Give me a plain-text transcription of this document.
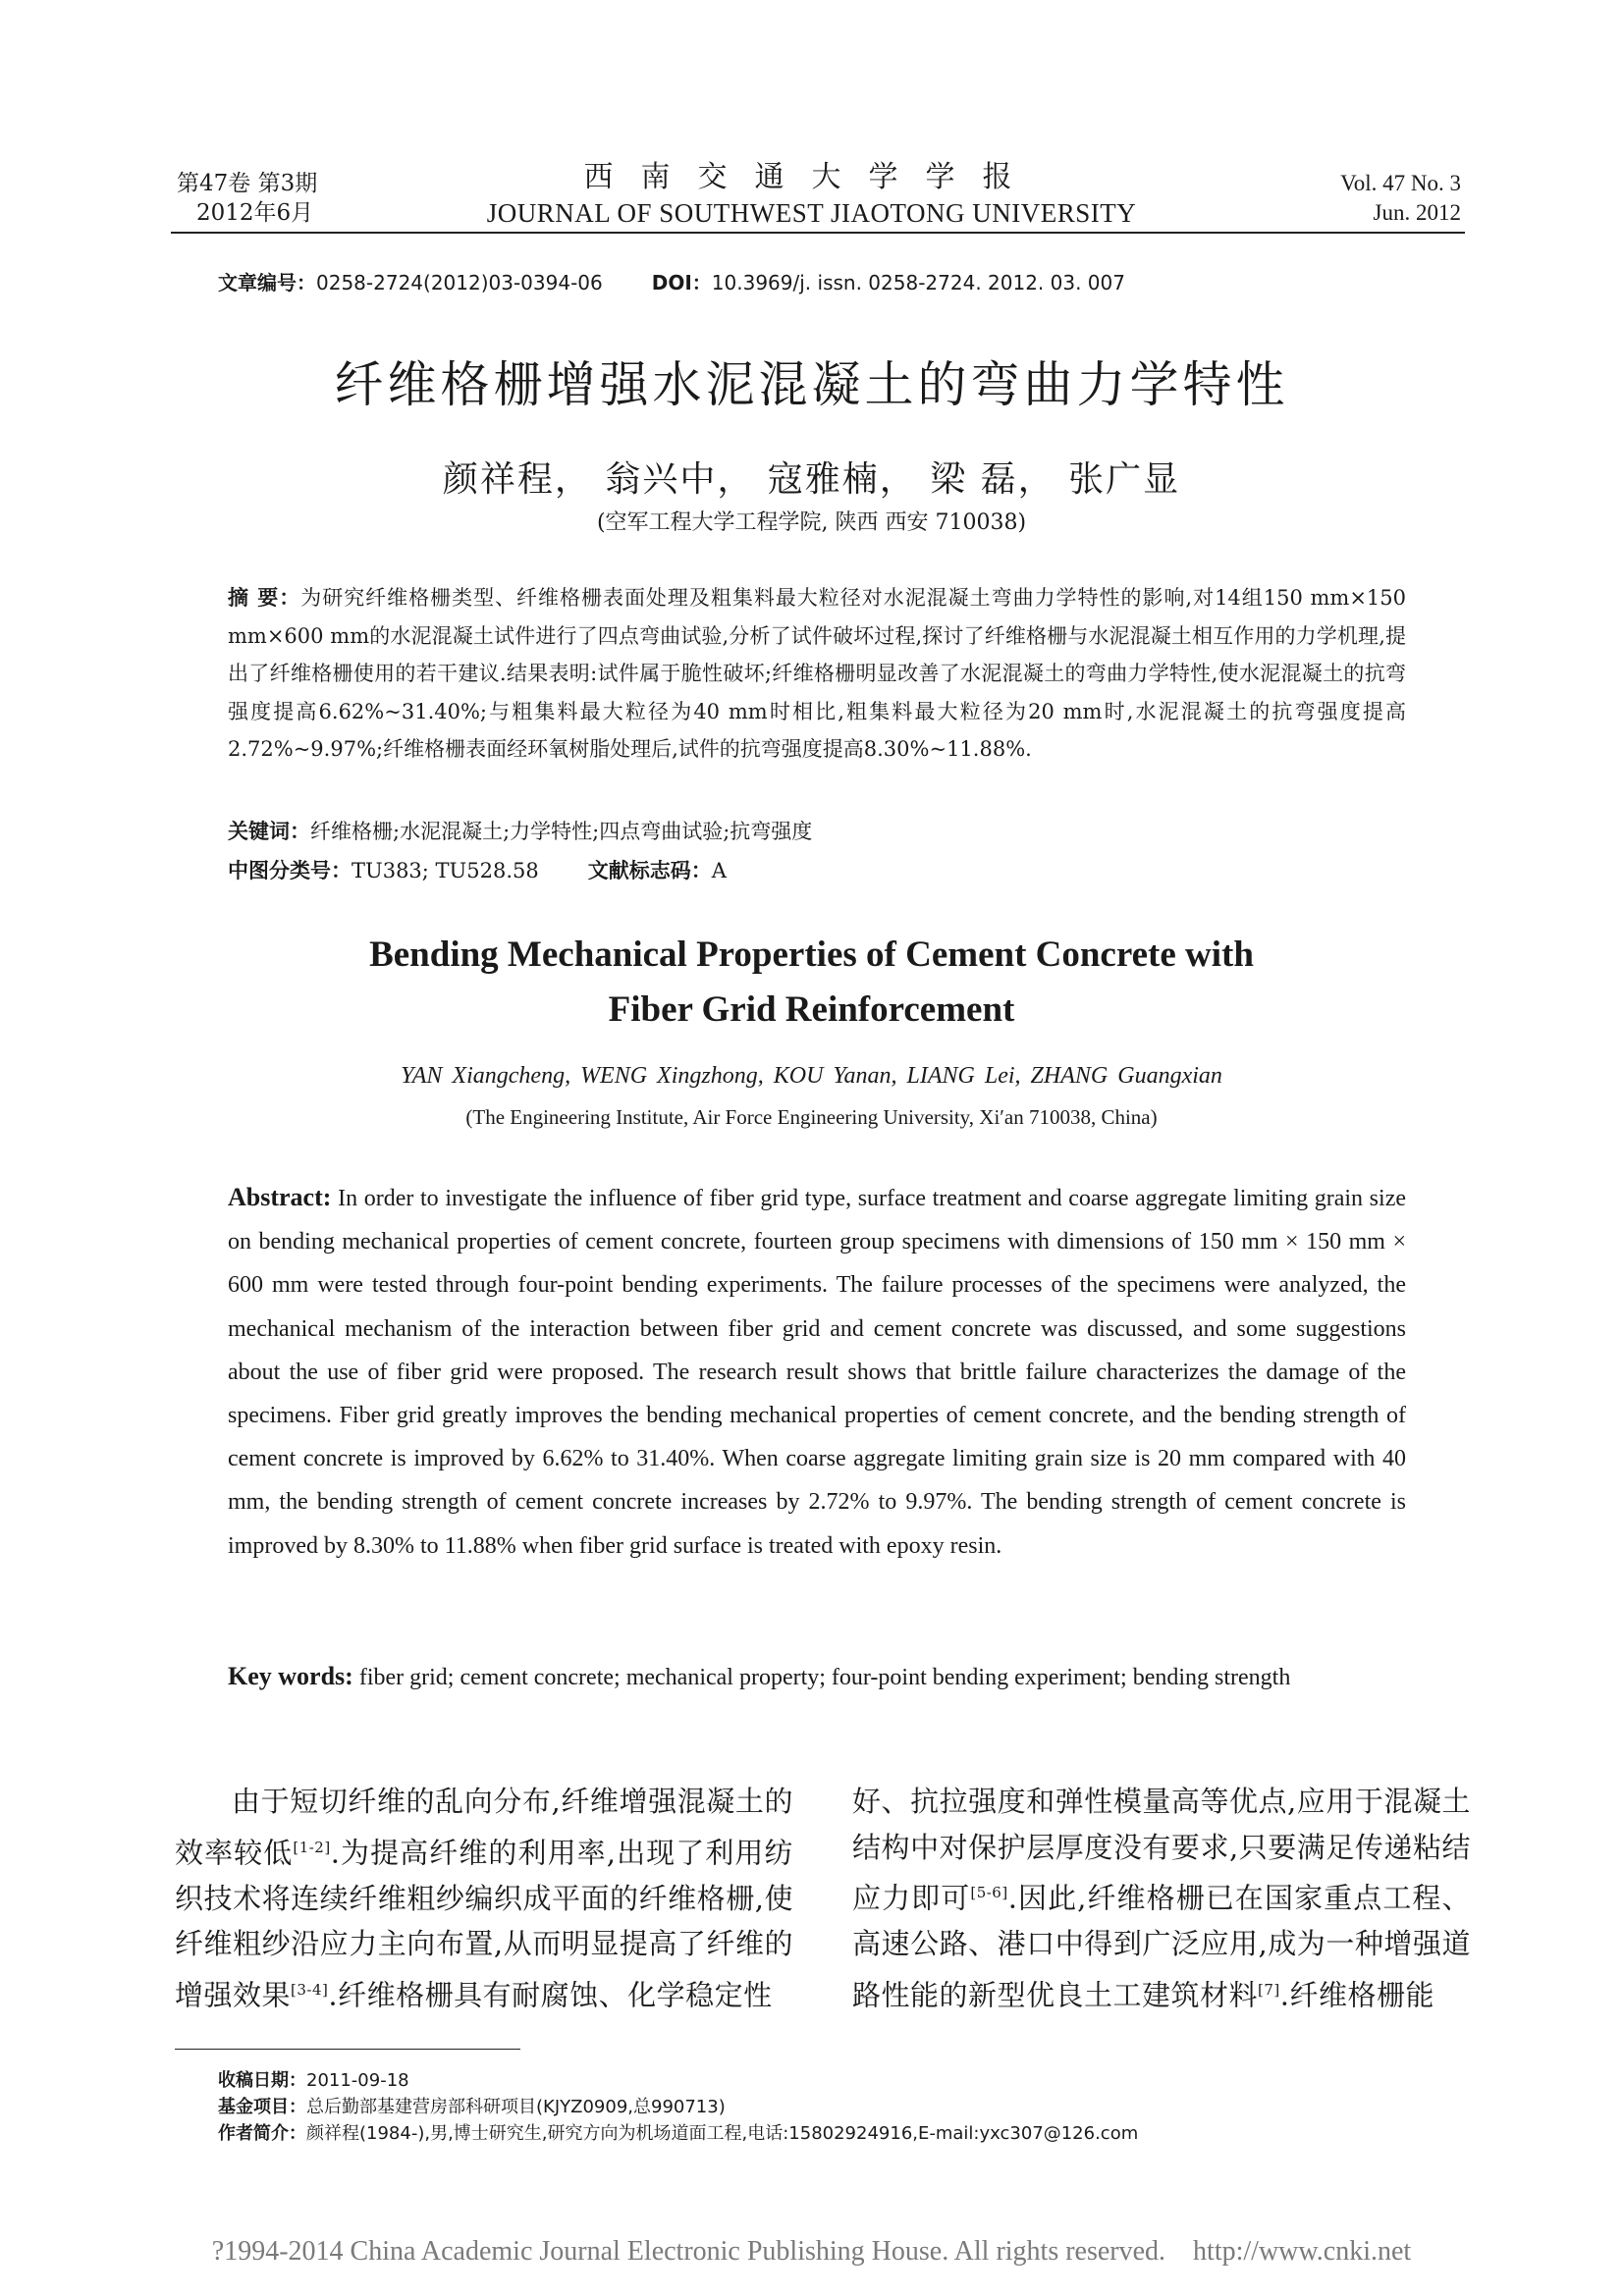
第47卷 第3期
2012年6月
西南交通大学学报
JOURNAL OF SOUTHWEST JIAOTONG UNIVERSITY
Vol. 47 No. 3
Jun. 2012
文章编号：0258-2724(2012)03-0394-06	DOI：10.3969/j. issn. 0258-2724. 2012. 03. 007
纤维格栅增强水泥混凝土的弯曲力学特性
颜祥程， 翁兴中， 寇雅楠， 梁 磊， 张广显
(空军工程大学工程学院, 陕西 西安 710038)
摘 要：为研究纤维格栅类型、纤维格栅表面处理及粗集料最大粒径对水泥混凝土弯曲力学特性的影响,对14组150 mm×150 mm×600 mm的水泥混凝土试件进行了四点弯曲试验,分析了试件破坏过程,探讨了纤维格栅与水泥混凝土相互作用的力学机理,提出了纤维格栅使用的若干建议.结果表明:试件属于脆性破坏;纤维格栅明显改善了水泥混凝土的弯曲力学特性,使水泥混凝土的抗弯强度提高6.62%~31.40%;与粗集料最大粒径为40 mm时相比,粗集料最大粒径为20 mm时,水泥混凝土的抗弯强度提高2.72%~9.97%;纤维格栅表面经环氧树脂处理后,试件的抗弯强度提高8.30%~11.88%.
关键词：纤维格栅;水泥混凝土;力学特性;四点弯曲试验;抗弯强度
中图分类号：TU383; TU528.58 文献标志码：A
Bending Mechanical Properties of Cement Concrete with
Fiber Grid Reinforcement
YAN Xiangcheng, WENG Xingzhong, KOU Yanan, LIANG Lei, ZHANG Guangxian
(The Engineering Institute, Air Force Engineering University, Xi′an 710038, China)
Abstract: In order to investigate the influence of fiber grid type, surface treatment and coarse aggregate limiting grain size on bending mechanical properties of cement concrete, fourteen group specimens with dimensions of 150 mm × 150 mm × 600 mm were tested through four-point bending experiments. The failure processes of the specimens were analyzed, the mechanical mechanism of the interaction between fiber grid and cement concrete was discussed, and some suggestions about the use of fiber grid were proposed. The research result shows that brittle failure characterizes the damage of the specimens. Fiber grid greatly improves the bending mechanical properties of cement concrete, and the bending strength of cement concrete is improved by 6.62% to 31.40%. When coarse aggregate limiting grain size is 20 mm compared with 40 mm, the bending strength of cement concrete increases by 2.72% to 9.97%. The bending strength of cement concrete is improved by 8.30% to 11.88% when fiber grid surface is treated with epoxy resin.
Key words: fiber grid; cement concrete; mechanical property; four-point bending experiment; bending strength
由于短切纤维的乱向分布,纤维增强混凝土的效率较低[1-2].为提高纤维的利用率,出现了利用纺织技术将连续纤维粗纱编织成平面的纤维格栅,使纤维粗纱沿应力主向布置,从而明显提高了纤维的增强效果[3-4].纤维格栅具有耐腐蚀、化学稳定性
好、抗拉强度和弹性模量高等优点,应用于混凝土结构中对保护层厚度没有要求,只要满足传递粘结应力即可[5-6].因此,纤维格栅已在国家重点工程、高速公路、港口中得到广泛应用,成为一种增强道路性能的新型优良土工建筑材料[7].纤维格栅能
收稿日期：2011-09-18
基金项目：总后勤部基建营房部科研项目(KJYZ0909,总990713)
作者简介：颜祥程(1984-),男,博士研究生,研究方向为机场道面工程,电话:15802924916,E-mail:yxc307@126.com
?1994-2014 China Academic Journal Electronic Publishing House. All rights reserved.    http://www.cnki.net
